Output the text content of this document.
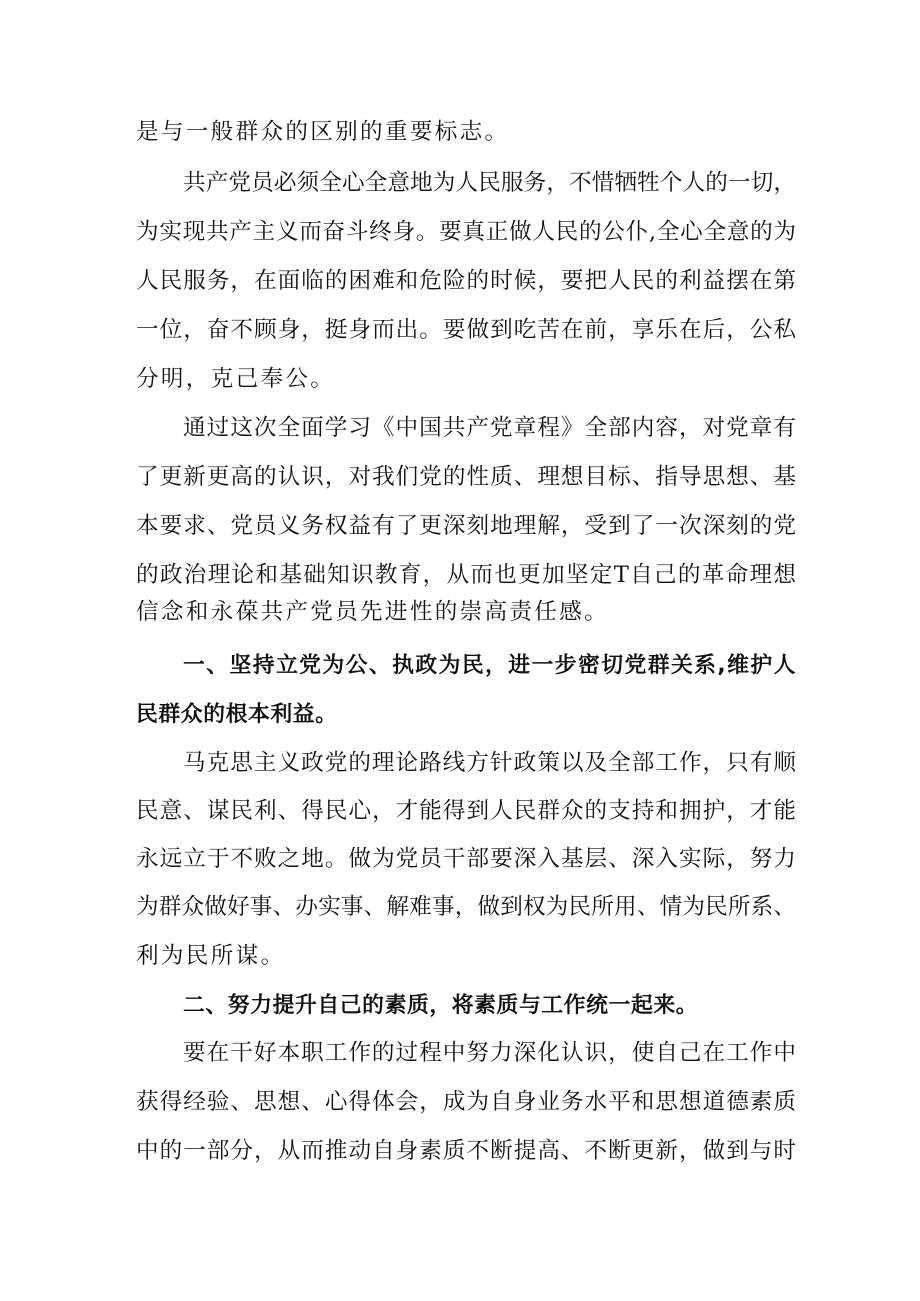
是与一般群众的区别的重要标志。
共产党员必须全心全意地为人民服务，不惜牺牲个人的一切，
为实现共产主义而奋斗终身。要真正做人民的公仆,全心全意的为
人民服务，在面临的困难和危险的时候，要把人民的利益摆在第
一位，奋不顾身，挺身而出。要做到吃苦在前，享乐在后，公私
分明，克己奉公。
通过这次全面学习《中国共产党章程》全部内容，对党章有
了更新更高的认识，对我们党的性质、理想目标、指导思想、基
本要求、党员义务权益有了更深刻地理解，受到了一次深刻的党
的政治理论和基础知识教育，从而也更加坚定T自己的革命理想
信念和永葆共产党员先进性的崇高责任感。
一、坚持立党为公、执政为民，进一步密切党群关系,维护人
民群众的根本利益。
马克思主义政党的理论路线方针政策以及全部工作，只有顺
民意、谋民利、得民心，才能得到人民群众的支持和拥护，才能
永远立于不败之地。做为党员干部要深入基层、深入实际，努力
为群众做好事、办实事、解难事，做到权为民所用、情为民所系、
利为民所谋。
二、努力提升自己的素质，将素质与工作统一起来。
要在干好本职工作的过程中努力深化认识，使自己在工作中
获得经验、思想、心得体会，成为自身业务水平和思想道德素质
中的一部分，从而推动自身素质不断提高、不断更新，做到与时
